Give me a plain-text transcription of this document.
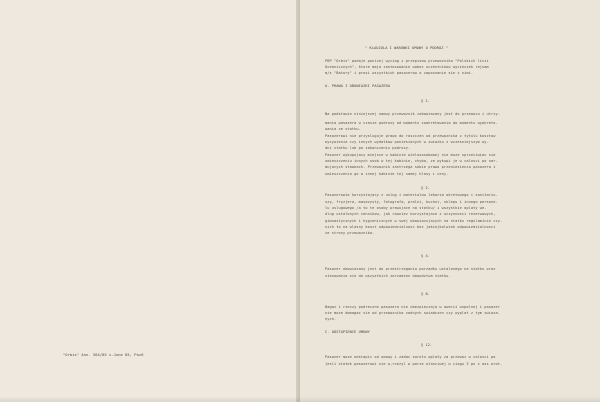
"Orbis" Ann. 364/85 s.June 85, Poz6

" KLAUZULA I WARUNKI UMOWY O PODROZ "

PBP "Orbis" podaje ponizej wyciag z przepisow przewoznika "Polskich linii

Oceanicznych", ktore maja zastosowanie wobec uczestnikow wycieczek rejsam

m/s "Batory" i prosi wszystkich pasazerow o zapoznanie sie z nimi.

A. PRAWA I OBOWIAZKI PASAZERA

§ 1.

Na podstawie niniejszej umowy przewoznik zobowiazany jest do przewozu i utrzy-

mania pasazera w czasie podrozy od momentu zaokretowania do momentu wyokreto-

wania ze statku.

Pasazerowi nie przysluguje prawo do roszczen od przewoznika z tytulu kosztow

wyzywienia czy innych wydatkow poniesionych w zwiazku z wczesniejszym wy-

dni statku lub po zakonczeniu podrozy.

Pasazer wykupujacy miejsce w kabinie wielososobowej nie moze sprzeciwiac sie

umieszczeniu innych osob w tej kabinie, chyba, ze wykupi je w calosci po nar-

mujacych stawkach. Przewoznik zastrzega sobie prawo przeniesienia pasazera i

umieszczenia go w innej kabinie tej samej klasy i ceny.

§ 2.

Pasazerowie korzystajacy z uslug i materialow lekarza okretowego i sanitariu-

szy, fryzjera, masazysty, fotografa, pralni, kuchni, sklepu i innego persone-

lu uslugowego /a to te osoby prawujace na statku/ i wszystkie oplaty we-

dlug ustalonych cennikow, jak rowniez korzystajace z uczynnosci rezerwowych,

gimnastycznych i hygienicznych w swej obowiazujacych na statku regulaminie czy-

nich to na wlasny koszt odpowiedzialnosc bez jakiejkolwiek odpowiedzialnosci

ze strony przewoznika.

§ 4.

Pasazer obowiazany jest do przestrzegania porzadku ustalonego na statku oraz

stosowania sie do wszystkich zarzadzen dowodztwa statku.

§ 8.

Bagaz i rzeczy podreczne pasazera nie ubezpieczaja w awarii wspolnej i pasazer

nie moze domagac sie od przewoznika zadnych swiadczen czy wyplat z tym zwiaza-

nych.

C. ODSTAPIENIE UMOWY

§ 12.

Pasazer moze odstapic od umowy i zadac zwrotu wplaty za przewoz w calosci po

jesli statek pasazerowi nie w,rzezyl w porze wlasciwej w ciagu 3 pn z ass wrot-
